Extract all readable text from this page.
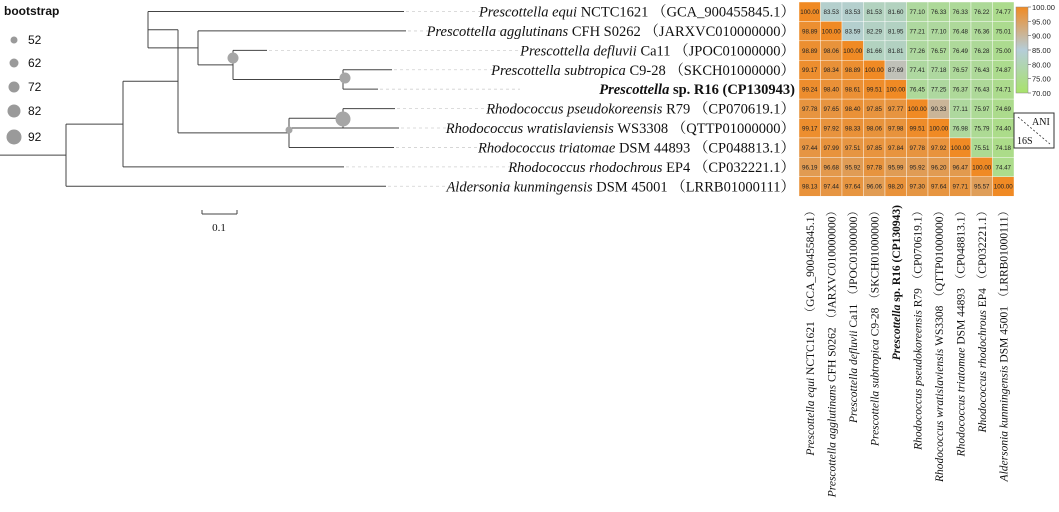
bootstrap
52
62
72
82
92
0.1
Prescottella equi NCTC1621 （GCA_900455845.1）
Prescottella agglutinans CFH S0262 （JARXVC010000000）
Prescottella defluvii Ca11 （JPOC01000000）
Prescottella subtropica C9-28 （SKCH01000000）
Prescottella sp. R16 (CP130943)
Rhodococcus pseudokoreensis R79 （CP070619.1）
Rhodococcus wratislaviensis WS3308 （QTTP01000000）
Rhodococcus triatomae DSM 44893 （CP048813.1）
Rhodococcus rhodochrous EP4 （CP032221.1）
Aldersonia kunmingensis DSM 45001 （LRRB01000111）
100.00 83.53 83.53 81.53 81.60 77.10 76.33 76.33 76.22 74.77
98.89 100.00 83.59 82.29 81.95 77.21 77.10 76.48 76.36 75.01
98.89 98.06 100.00 81.66 81.81 77.26 76.57 76.49 76.28 75.00
99.17 98.34 98.89 100.00 87.69 77.41 77.18 76.57 76.43 74.87
99.24 98.40 98.61 99.51 100.00 76.45 77.25 76.37 76.43 74.71
97.78 97.65 98.40 97.85 97.77 100.00 90.33 77.11 75.97 74.69
99.17 97.92 98.33 98.06 97.98 99.51 100.00 76.98 75.79 74.40
97.44 97.99 97.51 97.85 97.84 97.78 97.92 100.00 75.51 74.18
96.19 96.68 95.92 97.78 95.99 95.92 96.20 96.47 100.00 74.47
98.13 97.44 97.64 96.06 98.20 97.30 97.64 97.71 95.57 100.00
Prescottella equi NCTC1621 （GCA_900455845.1）
Prescottella agglutinans CFH S0262 （JARXVC010000000）
Prescottella defluvii Ca11 （JPOC01000000）
Prescottella subtropica C9-28 （SKCH01000000） Prescottella sp. R16 (CP130943)
Rhodococcus pseudokoreensis R79 （CP070619.1）
Rhodococcus wratislaviensis WS3308 （QTTP01000000）
Rhodococcus triatomae DSM 44893 （CP048813.1）
Rhodococcus rhodochrous EP4 （CP032221.1）
Aldersonia kunmingensis DSM 45001 （LRRB01000111）
100.00
95.00
90.00
85.00
80.00
75.00
70.00
ANI
16S
